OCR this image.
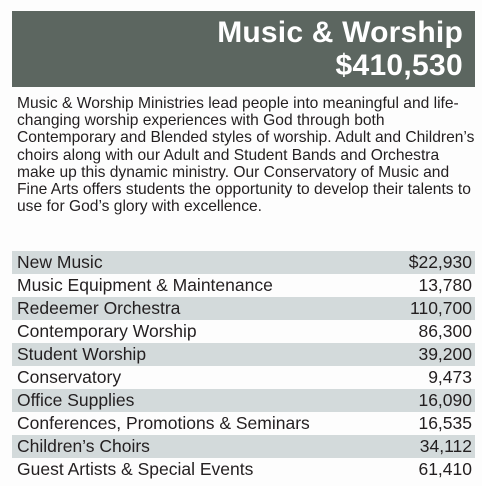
Music & Worship
$410,530

Music & Worship Ministries lead people into meaningful and life-changing worship experiences with God through both Contemporary and Blended styles of worship. Adult and Children’s choirs along with our Adult and Student Bands and Orchestra make up this dynamic ministry. Our Conservatory of Music and Fine Arts offers students the opportunity to develop their talents to use for God’s glory with excellence.

New Music	$22,930
Music Equipment & Maintenance	13,780
Redeemer Orchestra	110,700
Contemporary Worship	86,300
Student Worship	39,200
Conservatory	9,473
Office Supplies	16,090
Conferences, Promotions & Seminars	16,535
Children’s Choirs	34,112
Guest Artists & Special Events	61,410
